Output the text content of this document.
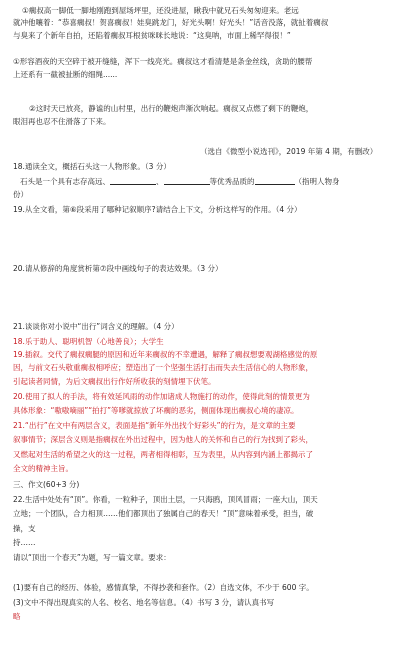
①瘸叔高一脚低一脚地刚跑到屋场坪里，还没进屋，瞅我中就兄石头匆匆迎来。老远
就冲他嚷着：“恭喜瘸叔！贺喜瘸叔！娃臭跳龙门，好光头啊！好光头！”话音没落，就扯着瘸叔
与臭来了个新年自拍，还陷着瘸叔耳根贫咪咪长地说：“这臭呐，市面上稀罕得很！”
①形容酒夜的天空碎于被开缝缝，浑下一线亮光。瘸叔这才看清楚是条金丝线，贪助的腰帮
上还系有一截被扯断的细绳......
②这时天已放亮，静谧的山村里，出行的鞭炮声渐次响起。瘸叔又点燃了剩下的鞭炮，
眼泪再也忍不住滑落了下来。
（选自《微型小说选刊》，2019 年第 4 期，有删改）
18.通读全文，概括石头这一人物形象。（3 分）
石头是一个具有志存高远、	、	等优秀品质的	（指明人物身
份）
19.从全文看，第⑥段采用了哪种记叙顺序?请结合上下文，分析这样写的作用。（4 分）
20.请从修辞的角度赏析第⑦段中画线句子的表达效果。（3 分）
21.谈谈你对小说中“出行”词含义的理解。（4 分）
18.乐于助人、聪明机智（心地善良）；大学生
19.插叙。交代了瘸叔瘸腿的原因和近年来瘸叔的不幸遭遇，解释了瘸叔想要观湖格感觉的原
因，与前文石头敬重瘸叔相呼应；塑造出了一个坚强生活打击而失去生活信心的人物形象，
引起读者同情，为后文瘸叔出行作好所收获的刻情埋下伏笔。
20.使用了拟人的手法，将有效延风雨的动作加诸成人物施打的动作，使得此刻的情景更为
具体形象：“嗷嗷嘀丽”“拍打”等嗲就掠放了坏瘸的恶劣，侧面体现出瘸叔心境的凄凉。
21.“出行”在文中有两层含义，表面是指“新年外出找个好彩头”的行为，是文章的主要
叙事情节；深层含义则是指瘸叔在外出过程中，因为他人的关怀和自己的行为找到了彩头，
又燃起对生活的希望之火的这一过程，两者相得相彰，互为表里，从内容到内涵上都揭示了
全文的精神主旨。
三、作文(60+3 分)
22.生活中处处有“顶”。你看，一粒种子，顶出土层，一只海鸥，顶风冒雨；一座大山，顶天
立地；一个团队，合力相顶……他们都顶出了独属自己的春天！“顶”意味着承受，担当，破
操，支
持……
请以“顶出一个春天”为题，写一篇文章。要求：
(1)要有自己的经历、体验，感情真挚，不得抄袭和套作。（2）自选文体，不少于 600 字。
(3)文中不得出现真实的人名、校名、地名等信息。（4）书写 3 分，请认真书写
略
